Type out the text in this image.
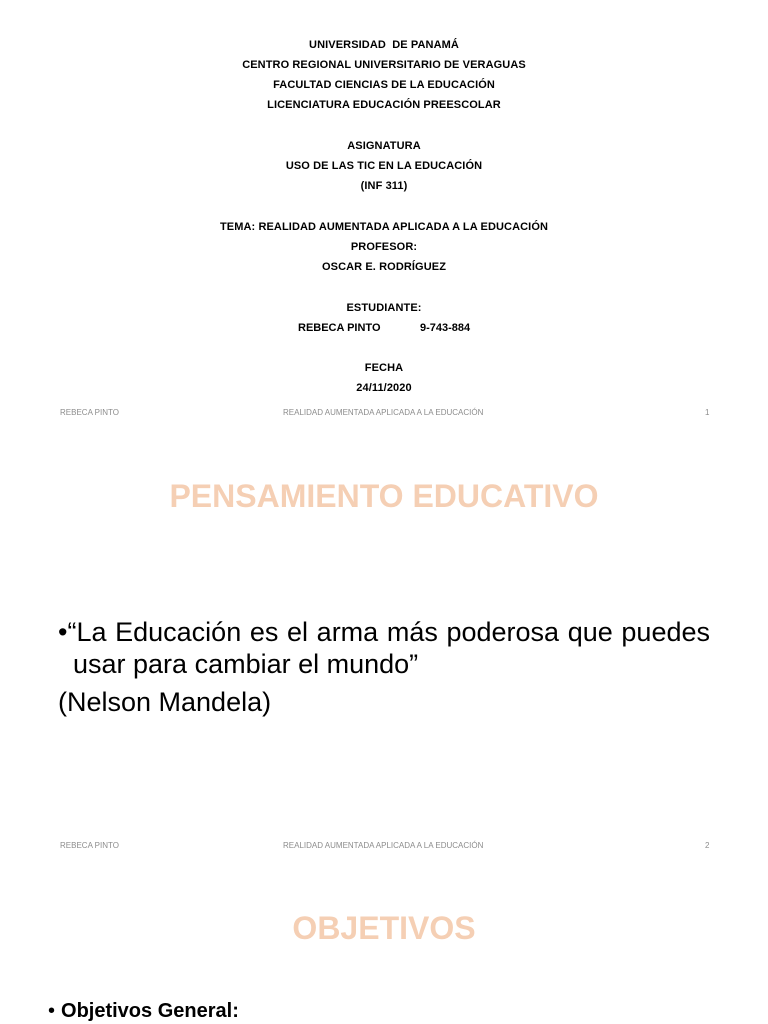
UNIVERSIDAD  DE PANAMÁ
CENTRO REGIONAL UNIVERSITARIO DE VERAGUAS
FACULTAD CIENCIAS DE LA EDUCACIÓN
LICENCIATURA EDUCACIÓN PREESCOLAR
ASIGNATURA
USO DE LAS TIC EN LA EDUCACIÓN
(INF 311)
TEMA: REALIDAD AUMENTADA APLICADA A LA EDUCACIÓN
PROFESOR:
OSCAR E. RODRÍGUEZ
ESTUDIANTE:
REBECA PINTO	9-743-884
FECHA
24/11/2020
REBECA PINTO	REALIDAD AUMENTADA APLICADA A LA EDUCACIÓN	1
PENSAMIENTO EDUCATIVO

•“La Educación es el arma más poderosa que puedes usar para cambiar el mundo”

(Nelson Mandela)
REBECA PINTO	REALIDAD AUMENTADA APLICADA A LA EDUCACIÓN	2
OBJETIVOS
• Objetivos General:
